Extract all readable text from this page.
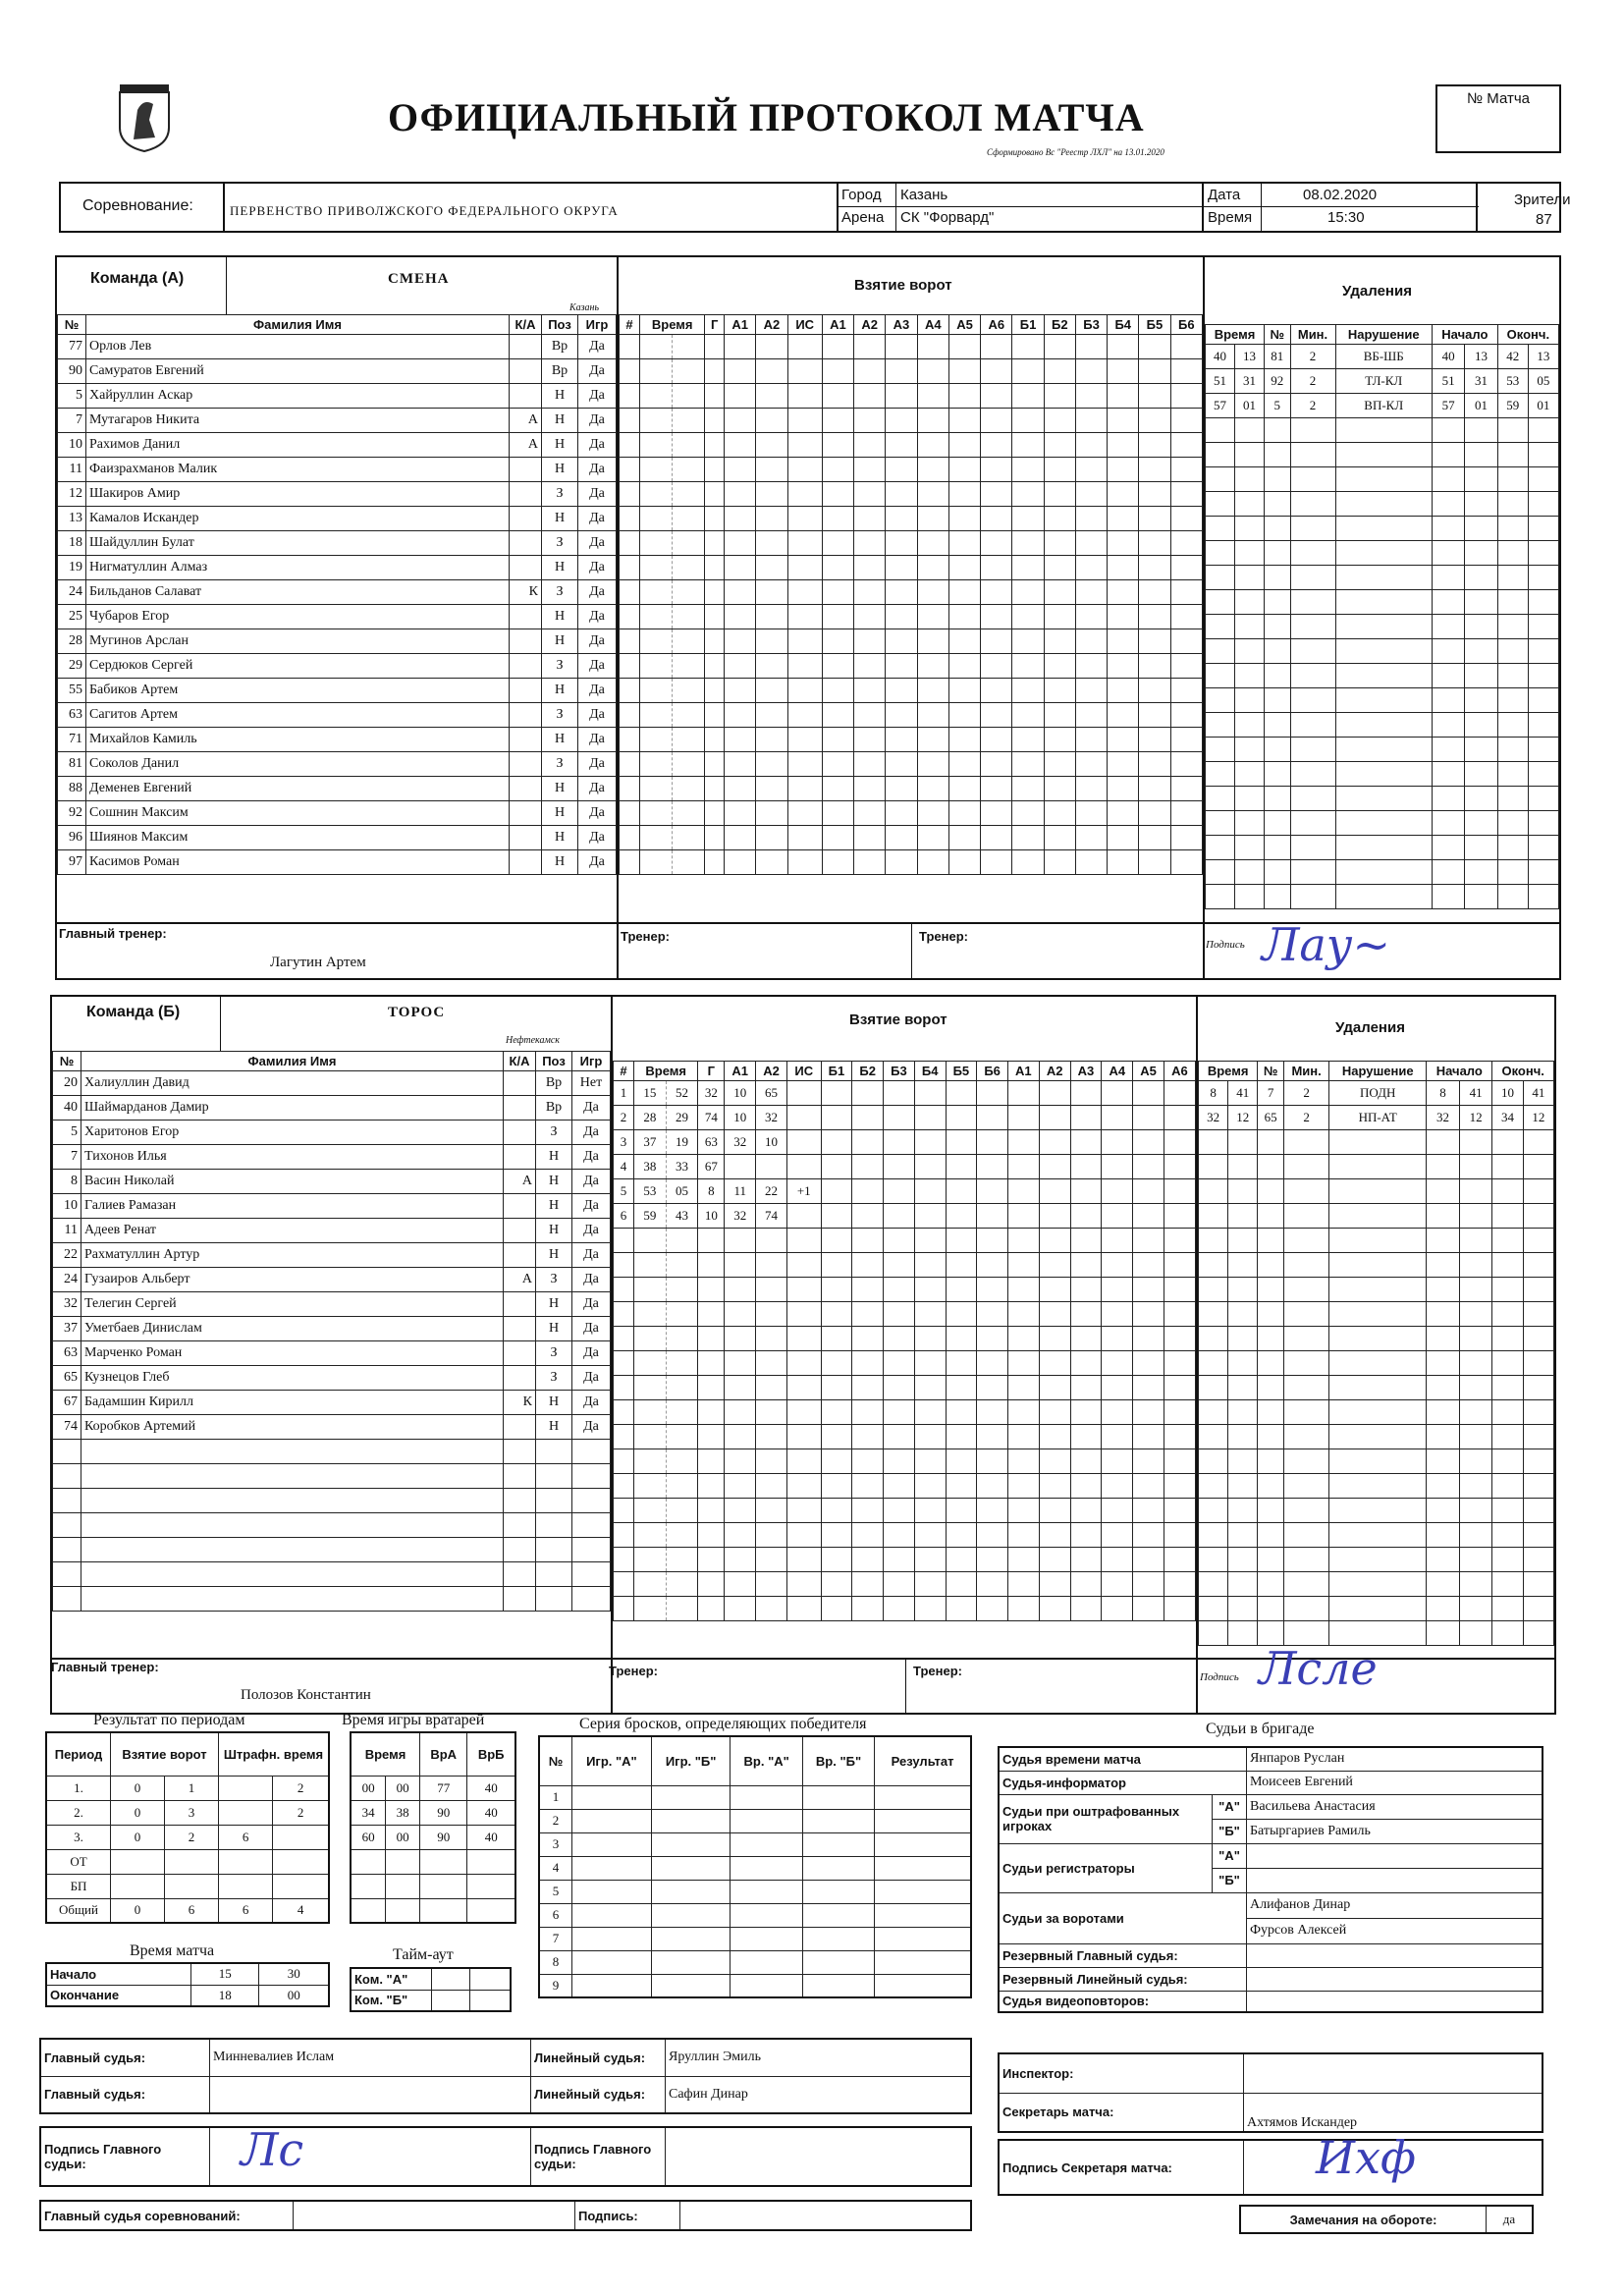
ОФИЦИАЛЬНЫЙ ПРОТОКОЛ МАТЧА
Сформировано Вс "Реестр ЛХЛ" на 13.01.2020
№ Матча
Соревнование:	ПЕРВЕНСТВО ПРИВОЛЖСКОГО ФЕДЕРАЛЬНОГО ОКРУГА
Город Казань
Арена СК "Форвард"
Дата	08.02.2020
Время	15:30
Зрители
87
Команда (А)	СМЕНА
Казань
Взятие ворот	Удаления
№	Фамилия Имя	К/А	Поз	Игр
77	Орлов Лев		Вр	Да
90	Самуратов Евгений		Вр	Да
5	Хайруллин Аскар		Н	Да
7	Мутагаров Никита	А	Н	Да
10	Рахимов Данил	А	Н	Да
11	Фаизрахманов Малик		Н	Да
12	Шакиров Амир		З	Да
13	Камалов Искандер		Н	Да
18	Шайдуллин Булат		З	Да
19	Нигматуллин Алмаз		Н	Да
24	Бильданов Салават	К	З	Да
25	Чубаров Егор		Н	Да
28	Мугинов Арслан		Н	Да
29	Сердюков Сергей		З	Да
55	Бабиков Артем		Н	Да
63	Сагитов Артем		З	Да
71	Михайлов Камиль		Н	Да
81	Соколов Данил		З	Да
88	Деменев Евгений		Н	Да
92	Сошнин Максим		Н	Да
96	Шиянов Максим		Н	Да
97	Касимов Роман		Н	Да
#	Время		Г	А1	А2	ИС	А1	А2	А3	А4	А5	А6	Б1	Б2	Б3	Б4	Б5	Б6

Время		№	Мин.	Нарушение	Начало		Оконч.	
40	13	81	2	ВБ-ШБ	40	13	42	13
51	31	92	2	ТЛ-КЛ	51	31	53	05
57	01	5	2	ВП-КЛ	57	01	59	01

Главный тренер:
Лагутин Артем
Тренер:	Тренер:
Подпись Лау~
Команда (Б)	ТОРОС
Нефтекамск
Взятие ворот	Удаления
№	Фамилия Имя	К/А	Поз	Игр
20	Халиуллин Давид		Вр	Нет
40	Шаймарданов Дамир		Вр	Да
5	Харитонов Егор		З	Да
7	Тихонов Илья		Н	Да
8	Васин Николай	А	Н	Да
10	Галиев Рамазан		Н	Да
11	Адеев Ренат		Н	Да
22	Рахматуллин Артур		Н	Да
24	Гузаиров Альберт	А	З	Да
32	Телегин Сергей		Н	Да
37	Уметбаев Динислам		Н	Да
63	Марченко Роман		З	Да
65	Кузнецов Глеб		З	Да
67	Бадамшин Кирилл	К	Н	Да
74	Коробков Артемий		Н	Да

#	Время		Г	А1	А2	ИС	Б1	Б2	Б3	Б4	Б5	Б6	А1	А2	А3	А4	А5	А6
1	15	52	32	10	65													
2	28	29	74	10	32													
3	37	19	63	32	10													
4	38	33	67															
5	53	05	8	11	22	+1												
6	59	43	10	32	74													

Время		№	Мин.	Нарушение	Начало		Оконч.	
8	41	7	2	ПОДН	8	41	10	41
32	12	65	2	НП-АТ	32	12	34	12

Главный тренер:
Полозов Константин
Тренер:	Тренер:	Подпись Лсле
Результат по периодам
Период	Взятие ворот		Штрафн. время	
1.	0	1		2
2.	0	3		2
3.	0	2	6	
ОТ				
БП				
Общий	0	6	6	4
Время матча
Начало	15	30
Окончание	18	00
Время игры вратарей
Время		ВрА	ВрБ
00	00	77	40
34	38	90	40
60	00	90	40

Тайм-аут
Ком. "А"		
Ком. "Б"		
Серия бросков, определяющих победителя
№	Игр. "А"	Игр. "Б"	Вр. "А"	Вр. "Б"	Результат
1					
2					
3					
4					
5					
6					
7					
8					
9					
Судьи в бригаде
Судья времени матча		Янпаров Руслан
Судья-информатор		Моисеев Евгений
Судьи при оштрафованных игроках	"А"	Васильева Анастасия
	"Б"	Батыргариев Рамиль
Судьи регистраторы	"А"	
	"Б"	
Судьи за воротами		Алифанов Динар
		Фурсов Алексей
Резервный Главный судья:		
Резервный Линейный судья:		
Судья видеоповторов:		
Инспектор:	
Секретарь матча:	Ахтямов Искандер
Подпись Секретаря матча:		Ихф
Замечания на обороте:	да
Главный судья:	Минневалиев Ислам	Линейный судья:	Яруллин Эмиль
Главный судья:		Линейный судья:	Сафин Динар
Подпись Главного судьи:		Подпись Главного судьи:	
Лс
Главный судья соревнований:		Подпись:	
